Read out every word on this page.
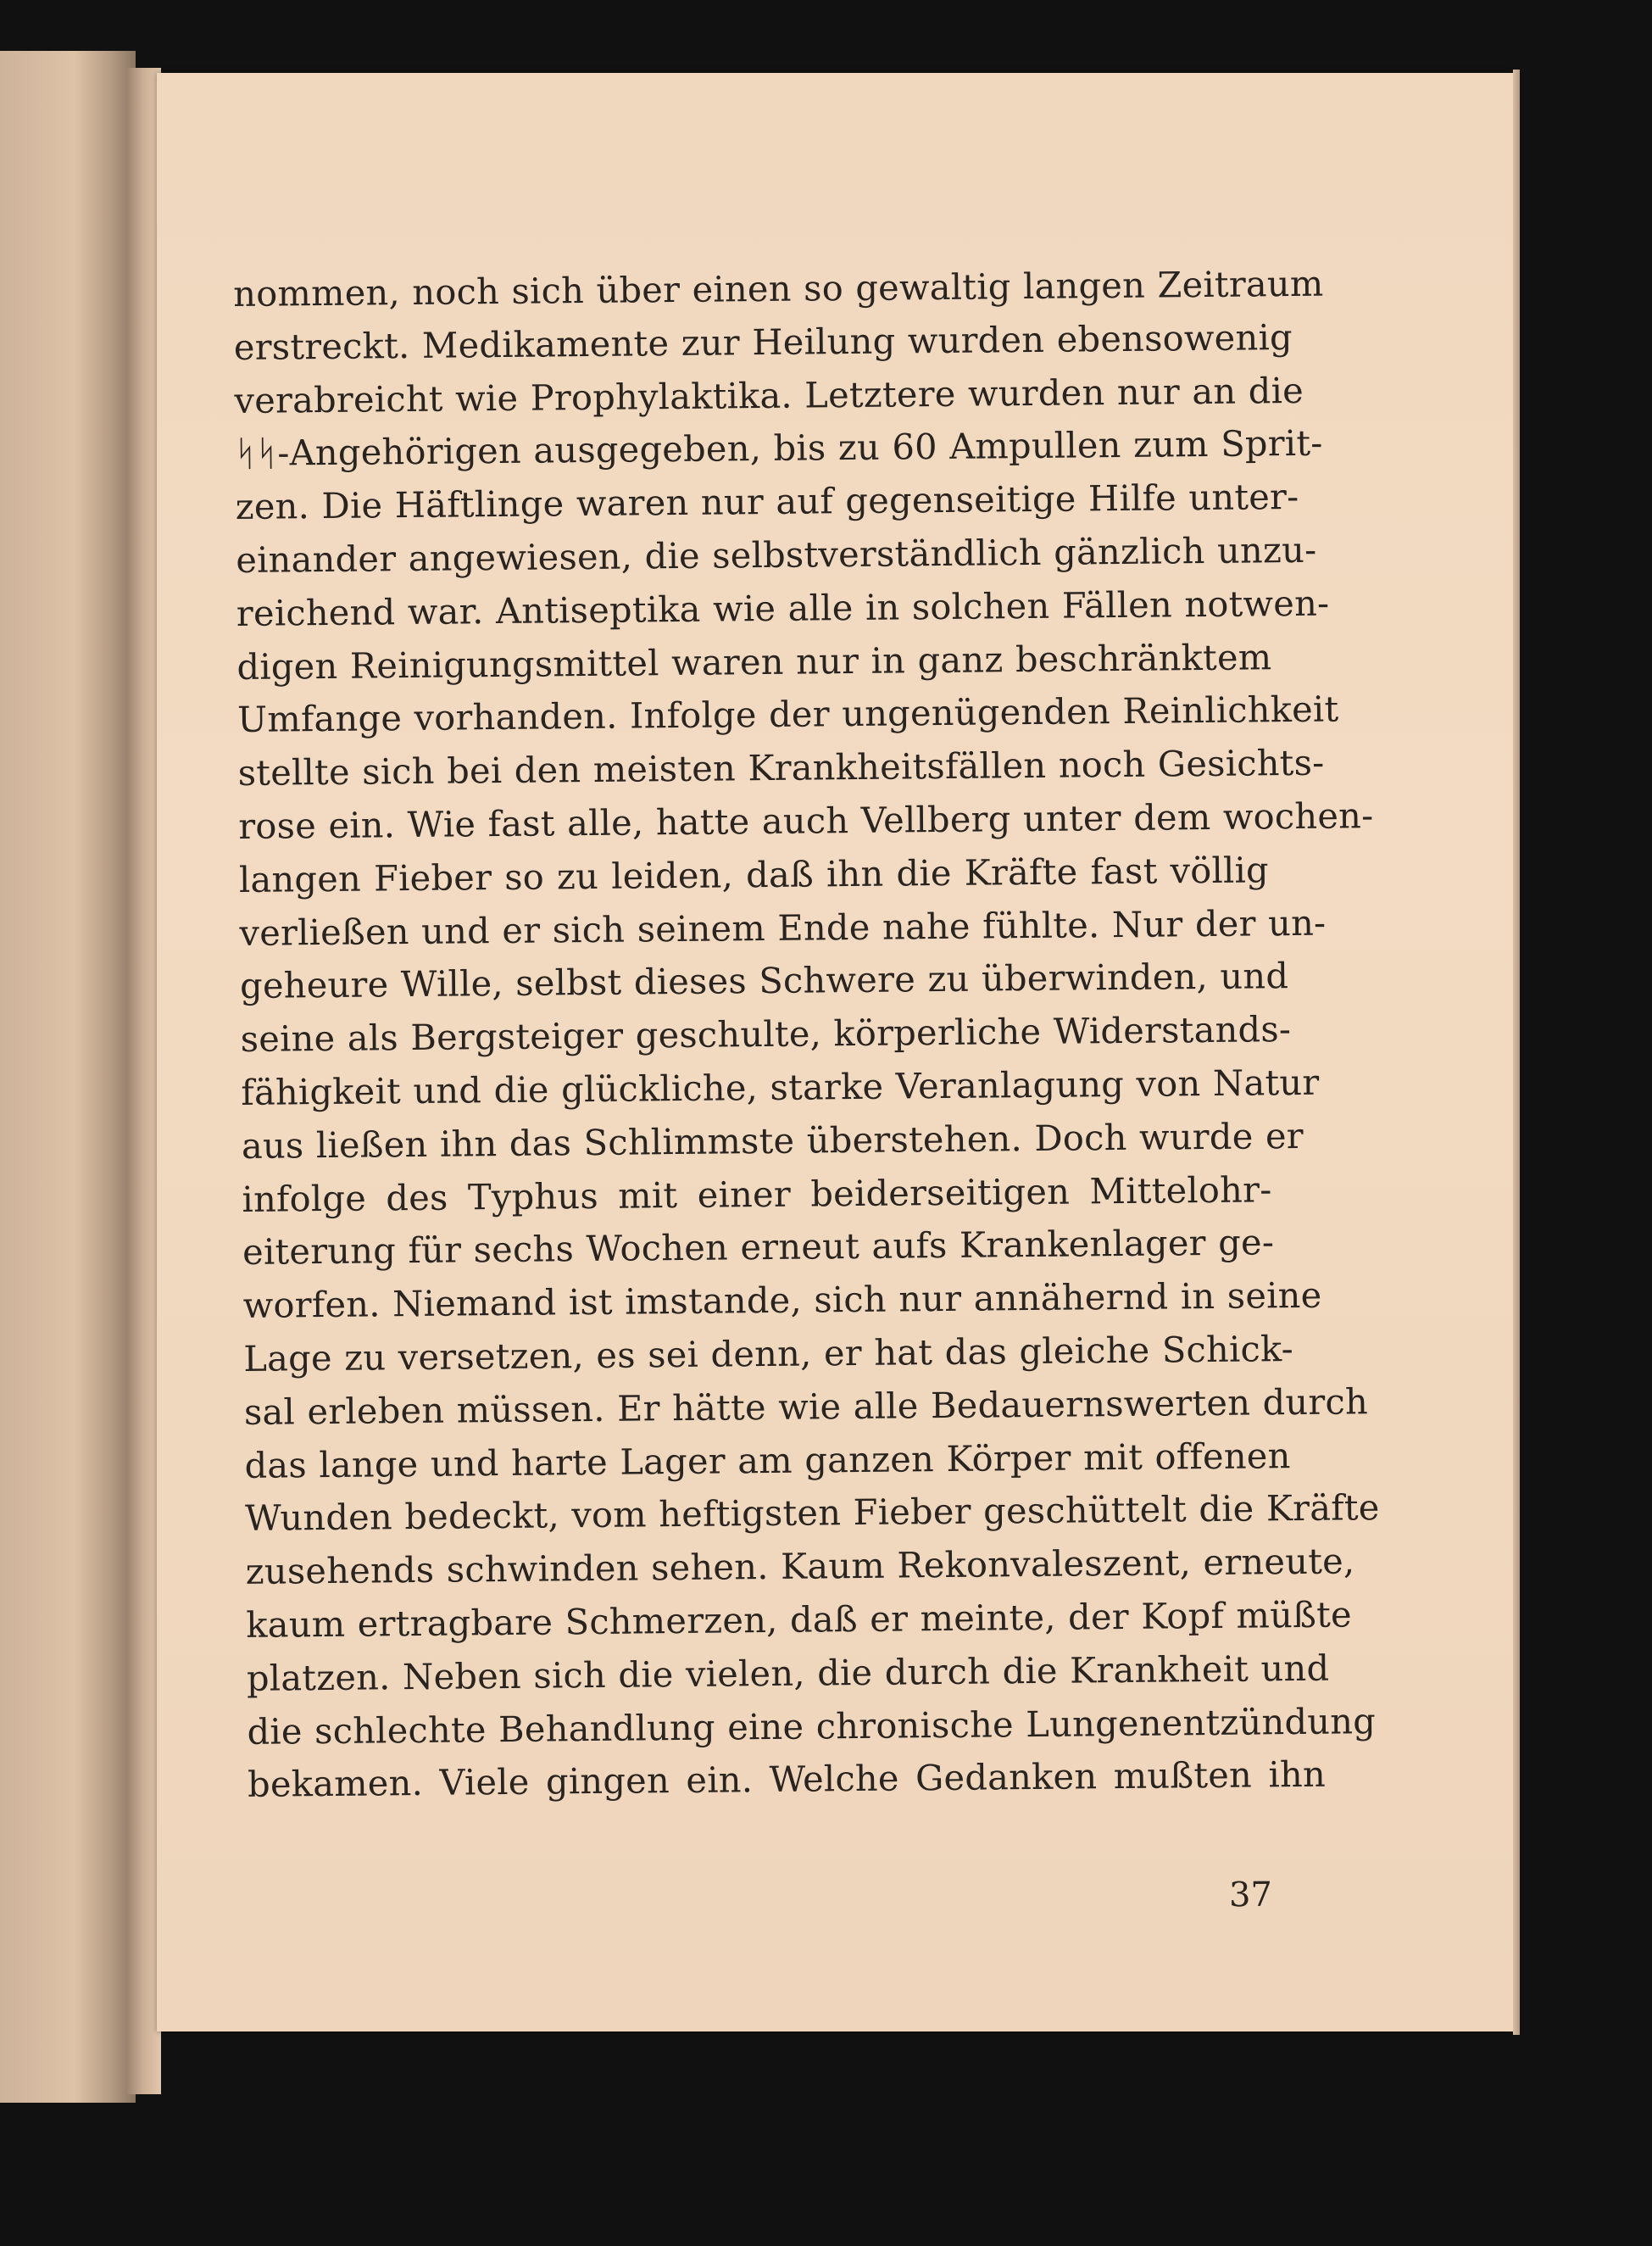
nommen, noch sich über einen so gewaltig langen Zeitraum
erstreckt. Medikamente zur Heilung wurden ebensowenig
verabreicht wie Prophylaktika. Letztere wurden nur an die
ᛋᛋ-Angehörigen ausgegeben, bis zu 60 Ampullen zum Sprit-
zen. Die Häftlinge waren nur auf gegenseitige Hilfe unter-
einander angewiesen, die selbstverständlich gänzlich unzu-
reichend war. Antiseptika wie alle in solchen Fällen notwen-
digen Reinigungsmittel waren nur in ganz beschränktem
Umfange vorhanden. Infolge der ungenügenden Reinlichkeit
stellte sich bei den meisten Krankheitsfällen noch Gesichts-
rose ein. Wie fast alle, hatte auch Vellberg unter dem wochen-
langen Fieber so zu leiden, daß ihn die Kräfte fast völlig
verließen und er sich seinem Ende nahe fühlte. Nur der un-
geheure Wille, selbst dieses Schwere zu überwinden, und
seine als Bergsteiger geschulte, körperliche Widerstands-
fähigkeit und die glückliche, starke Veranlagung von Natur
aus ließen ihn das Schlimmste überstehen. Doch wurde er
infolge des Typhus mit einer beiderseitigen Mittelohr-
eiterung für sechs Wochen erneut aufs Krankenlager ge-
worfen. Niemand ist imstande, sich nur annähernd in seine
Lage zu versetzen, es sei denn, er hat das gleiche Schick-
sal erleben müssen. Er hätte wie alle Bedauernswerten durch
das lange und harte Lager am ganzen Körper mit offenen
Wunden bedeckt, vom heftigsten Fieber geschüttelt die Kräfte
zusehends schwinden sehen. Kaum Rekonvaleszent, erneute,
kaum ertragbare Schmerzen, daß er meinte, der Kopf müßte
platzen. Neben sich die vielen, die durch die Krankheit und
die schlechte Behandlung eine chronische Lungenentzündung
bekamen. Viele gingen ein. Welche Gedanken mußten ihn
37
